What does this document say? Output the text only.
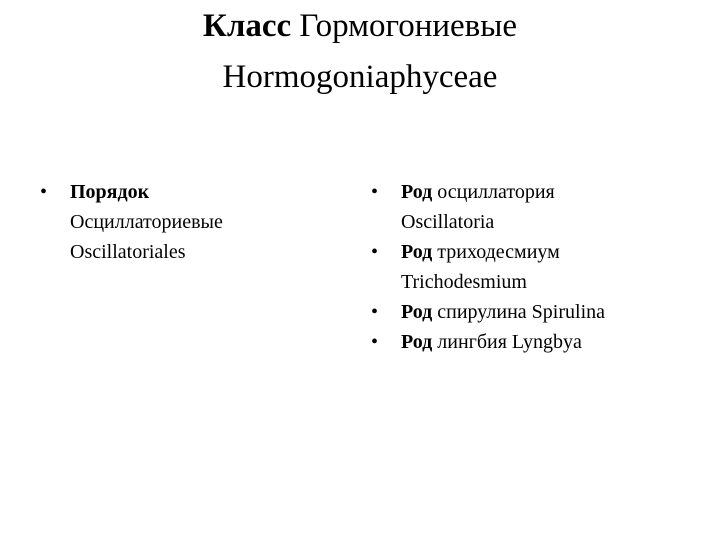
Класс Гормогониевые
Hormogoniaphyceae
•	Порядок
Осциллаториевые
Oscillatoriales
•	Род осциллатория
Oscillatoria
•	Род триходесмиум
Trichodesmium
•	Род спирулина Spirulina
•	Род лингбия Lyngbya
